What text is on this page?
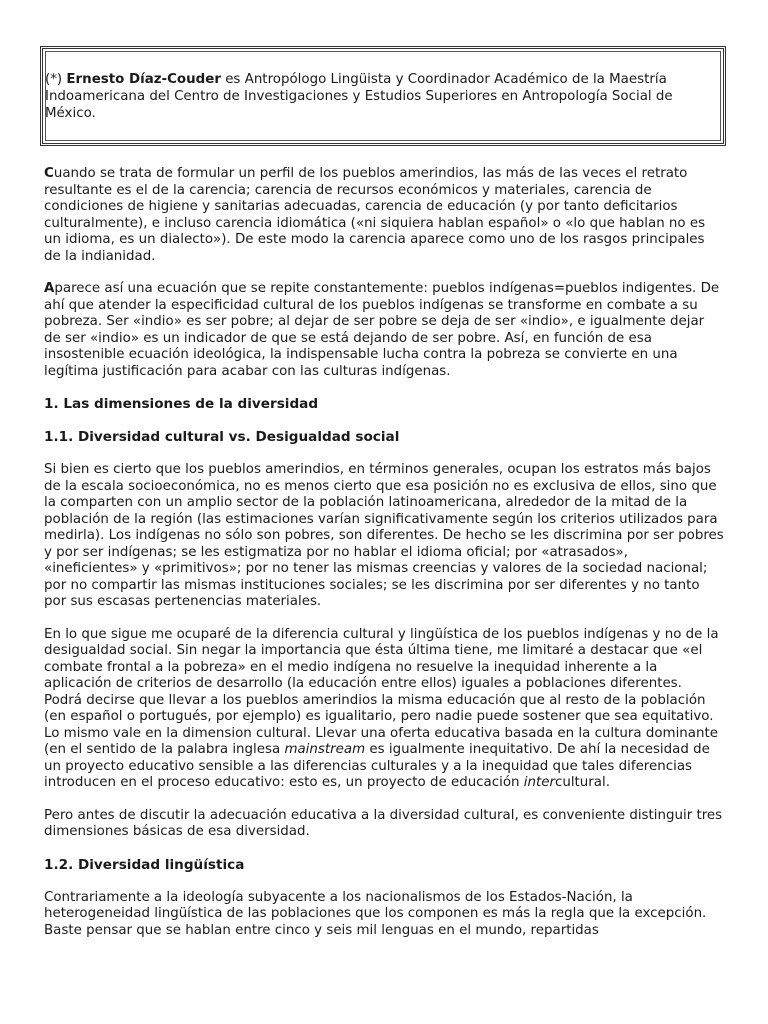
(*) Ernesto Díaz-Couder es Antropólogo Lingüista y Coordinador Académico de la Maestría Indoamericana del Centro de Investigaciones y Estudios Superiores en Antropología Social de México.

Cuando se trata de formular un perfil de los pueblos amerindios, las más de las veces el retrato resultante es el de la carencia; carencia de recursos económicos y materiales, carencia de condiciones de higiene y sanitarias adecuadas, carencia de educación (y por tanto deficitarios culturalmente), e incluso carencia idiomática («ni siquiera hablan español» o «lo que hablan no es un idioma, es un dialecto»). De este modo la carencia aparece como uno de los rasgos principales de la indianidad.

Aparece así una ecuación que se repite constantemente: pueblos indígenas=pueblos indigentes. De ahí que atender la especificidad cultural de los pueblos indígenas se transforme en combate a su pobreza. Ser «indio» es ser pobre; al dejar de ser pobre se deja de ser «indio», e igualmente dejar de ser «indio» es un indicador de que se está dejando de ser pobre. Así, en función de esa insostenible ecuación ideológica, la indispensable lucha contra la pobreza se convierte en una legítima justificación para acabar con las culturas indígenas.

1. Las dimensiones de la diversidad
1.1. Diversidad cultural vs. Desigualdad social

Si bien es cierto que los pueblos amerindios, en términos generales, ocupan los estratos más bajos de la escala socioeconómica, no es menos cierto que esa posición no es exclusiva de ellos, sino que la comparten con un amplio sector de la población latinoamericana, alrededor de la mitad de la población de la región (las estimaciones varían significativamente según los criterios utilizados para medirla). Los indígenas no sólo son pobres, son diferentes. De hecho se les discrimina por ser pobres y por ser indígenas; se les estigmatiza por no hablar el idioma oficial; por «atrasados», «ineficientes» y «primitivos»; por no tener las mismas creencias y valores de la sociedad nacional; por no compartir las mismas instituciones sociales; se les discrimina por ser diferentes y no tanto por sus escasas pertenencias materiales.

En lo que sigue me ocuparé de la diferencia cultural y lingüística de los pueblos indígenas y no de la desigualdad social. Sin negar la importancia que ésta última tiene, me limitaré a destacar que «el combate frontal a la pobreza» en el medio indígena no resuelve la inequidad inherente a la aplicación de criterios de desarrollo (la educación entre ellos) iguales a poblaciones diferentes. Podrá decirse que llevar a los pueblos amerindios la misma educación que al resto de la población (en español o portugués, por ejemplo) es igualitario, pero nadie puede sostener que sea equitativo. Lo mismo vale en la dimension cultural. Llevar una oferta educativa basada en la cultura dominante (en el sentido de la palabra inglesa mainstream es igualmente inequitativo. De ahí la necesidad de un proyecto educativo sensible a las diferencias culturales y a la inequidad que tales diferencias introducen en el proceso educativo: esto es, un proyecto de educación intercultural.

Pero antes de discutir la adecuación educativa a la diversidad cultural, es conveniente distinguir tres dimensiones básicas de esa diversidad.

1.2. Diversidad lingüística

Contrariamente a la ideología subyacente a los nacionalismos de los Estados-Nación, la heterogeneidad lingüística de las poblaciones que los componen es más la regla que la excepción. Baste pensar que se hablan entre cinco y seis mil lenguas en el mundo, repartidas
